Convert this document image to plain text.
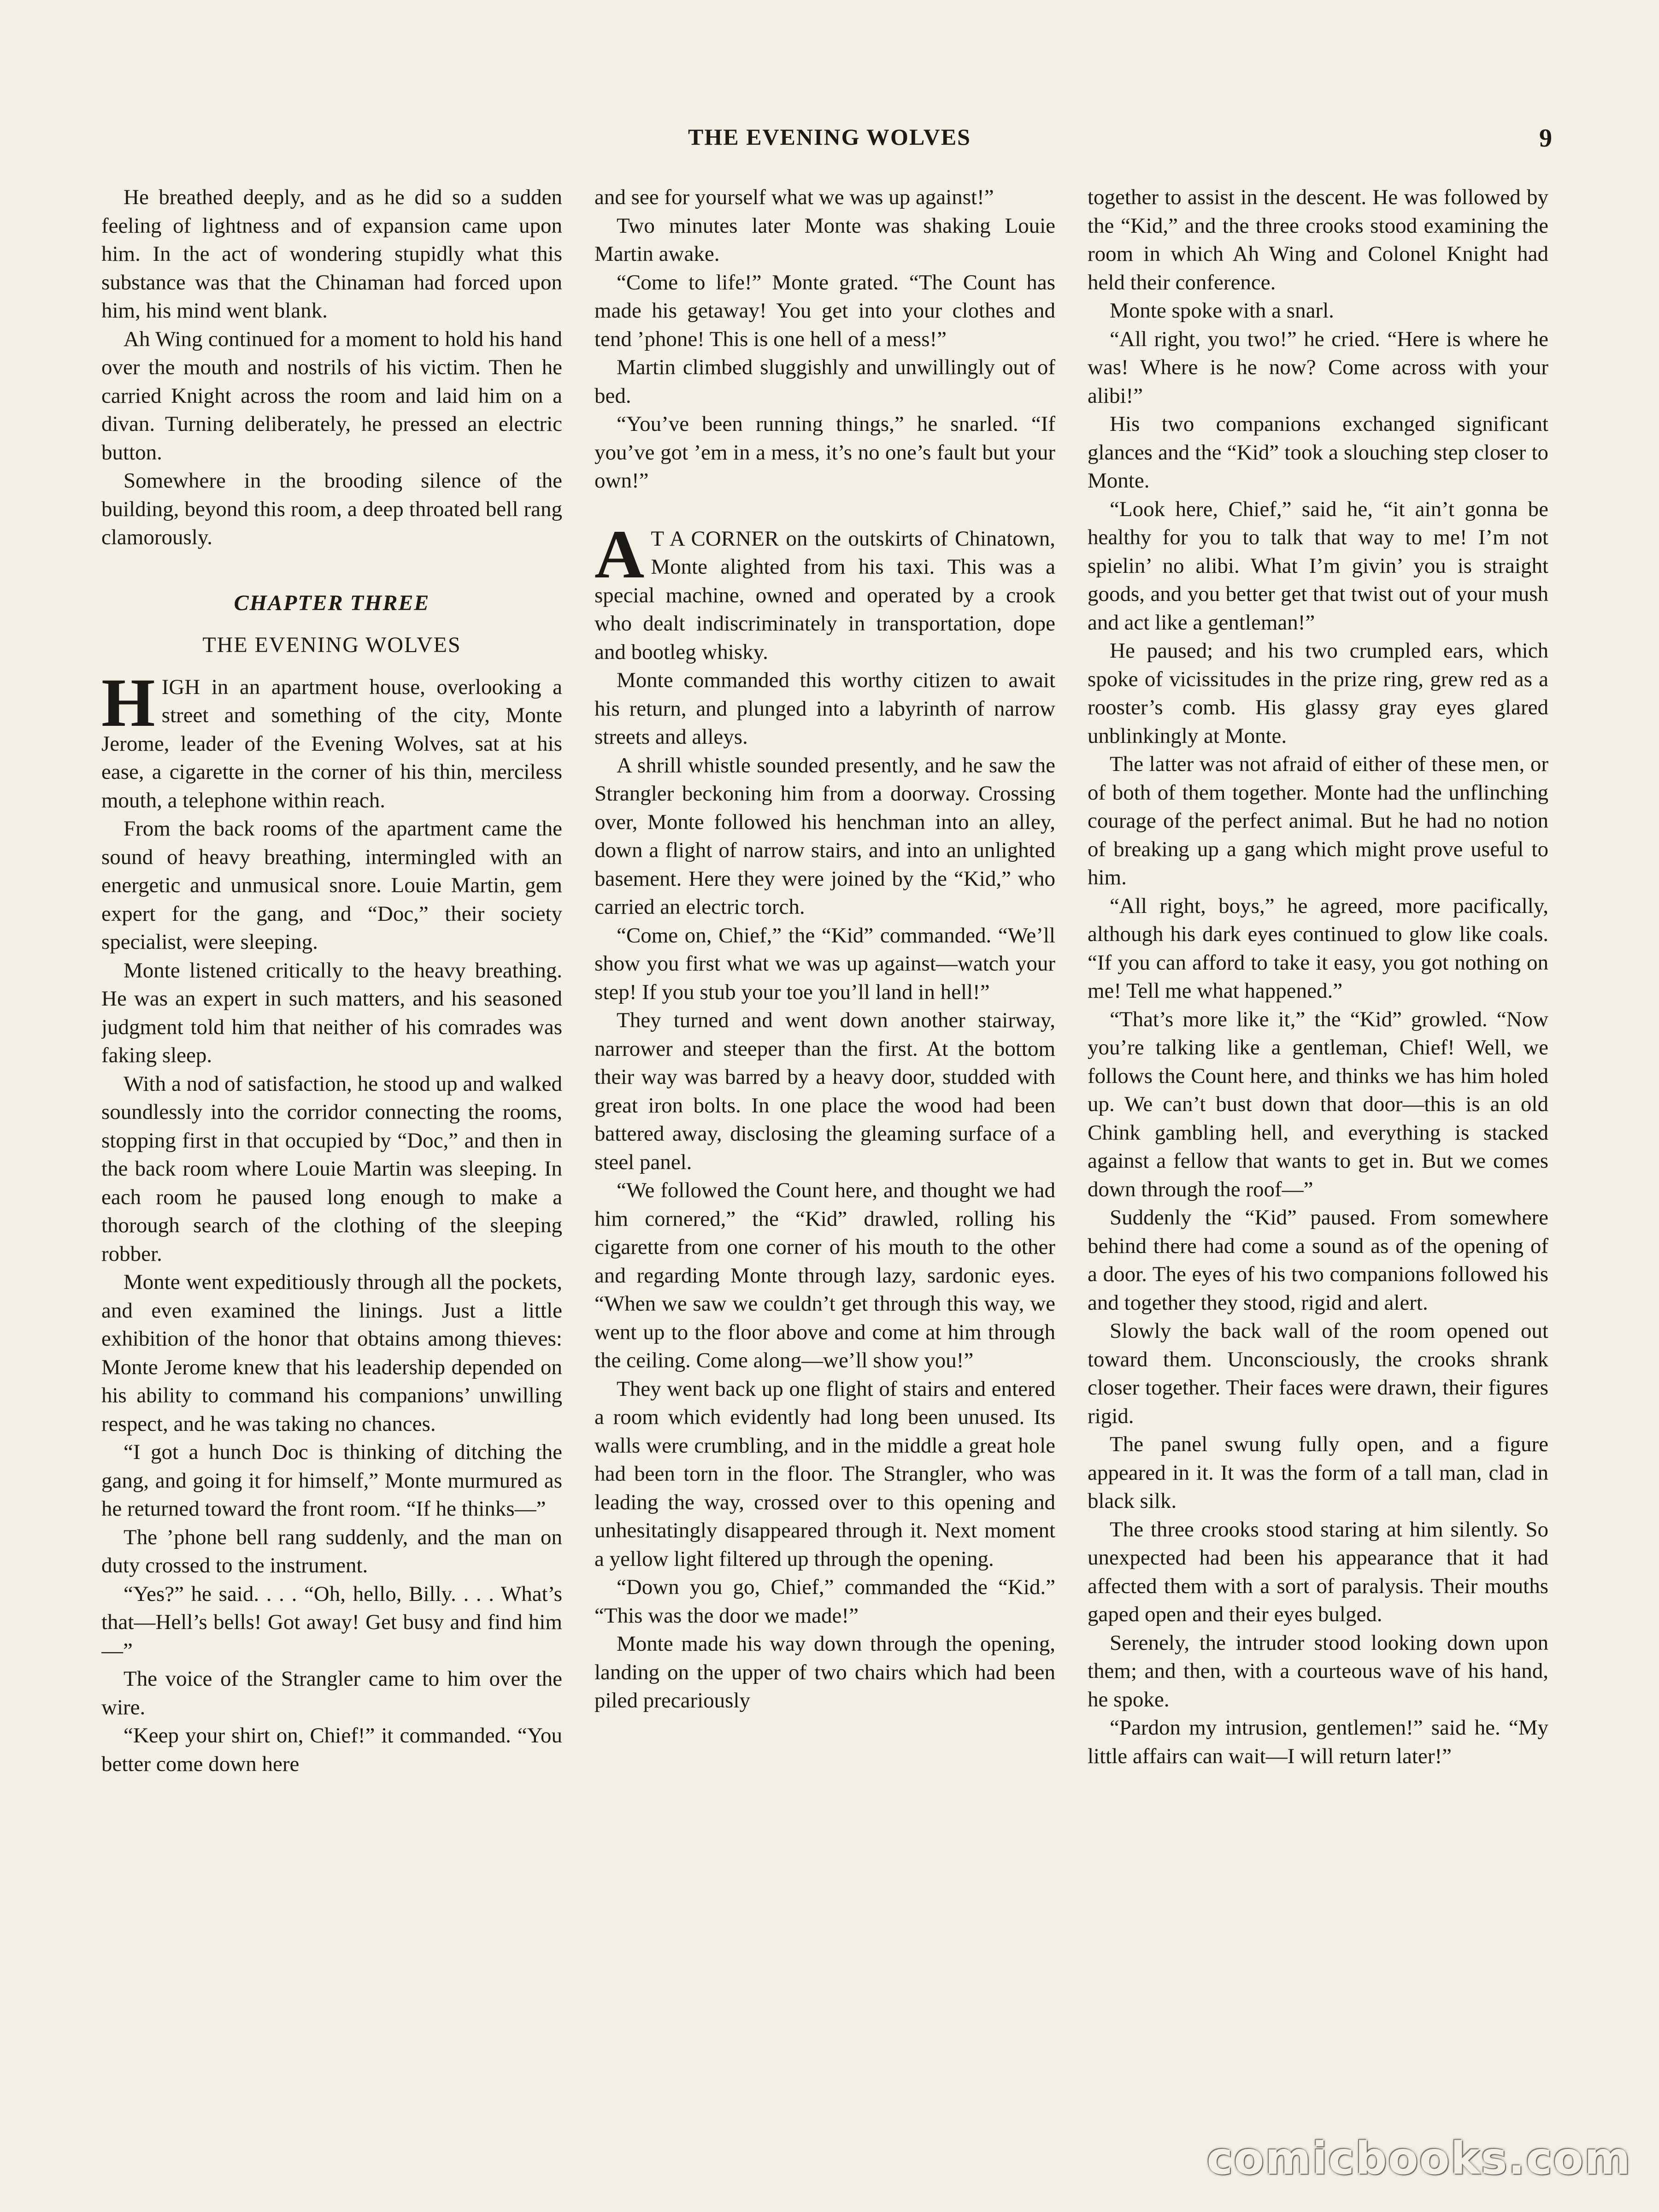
THE EVENING WOLVES	9

He breathed deeply, and as he did so a sudden feeling of lightness and of expansion came upon him. In the act of wondering stupidly what this substance was that the Chinaman had forced upon him, his mind went blank.

Ah Wing continued for a moment to hold his hand over the mouth and nostrils of his victim. Then he carried Knight across the room and laid him on a divan. Turning deliberately, he pressed an electric button.

Somewhere in the brooding silence of the building, beyond this room, a deep throated bell rang clamorously.

CHAPTER THREE
THE EVENING WOLVES

HIGH in an apartment house, overlooking a street and something of the city, Monte Jerome, leader of the Evening Wolves, sat at his ease, a cigarette in the corner of his thin, merciless mouth, a telephone within reach.

From the back rooms of the apartment came the sound of heavy breathing, intermingled with an energetic and unmusical snore. Louie Martin, gem expert for the gang, and “Doc,” their society specialist, were sleeping.

Monte listened critically to the heavy breathing. He was an expert in such matters, and his seasoned judgment told him that neither of his comrades was faking sleep.

With a nod of satisfaction, he stood up and walked soundlessly into the corridor connecting the rooms, stopping first in that occupied by “Doc,” and then in the back room where Louie Martin was sleeping. In each room he paused long enough to make a thorough search of the clothing of the sleeping robber.

Monte went expeditiously through all the pockets, and even examined the linings. Just a little exhibition of the honor that obtains among thieves: Monte Jerome knew that his leadership depended on his ability to command his companions’ unwilling respect, and he was taking no chances.

“I got a hunch Doc is thinking of ditching the gang, and going it for himself,” Monte murmured as he returned toward the front room. “If he thinks—”

The ’phone bell rang suddenly, and the man on duty crossed to the instrument.

“Yes?” he said. . . . “Oh, hello, Billy. . . . What’s that—Hell’s bells! Got away! Get busy and find him—”

The voice of the Strangler came to him over the wire.

“Keep your shirt on, Chief!” it commanded. “You better come down here

and see for yourself what we was up against!”

Two minutes later Monte was shaking Louie Martin awake.

“Come to life!” Monte grated. “The Count has made his getaway! You get into your clothes and tend ’phone! This is one hell of a mess!”

Martin climbed sluggishly and unwillingly out of bed.

“You’ve been running things,” he snarled. “If you’ve got ’em in a mess, it’s no one’s fault but your own!”

A T A CORNER on the outskirts of Chinatown, Monte alighted from his taxi. This was a special machine, owned and operated by a crook who dealt indiscriminately in transportation, dope and bootleg whisky.

Monte commanded this worthy citizen to await his return, and plunged into a labyrinth of narrow streets and alleys.

A shrill whistle sounded presently, and he saw the Strangler beckoning him from a doorway. Crossing over, Monte followed his henchman into an alley, down a flight of narrow stairs, and into an unlighted basement. Here they were joined by the “Kid,” who carried an electric torch.

“Come on, Chief,” the “Kid” commanded. “We’ll show you first what we was up against—watch your step! If you stub your toe you’ll land in hell!”

They turned and went down another stairway, narrower and steeper than the first. At the bottom their way was barred by a heavy door, studded with great iron bolts. In one place the wood had been battered away, disclosing the gleaming surface of a steel panel.

“We followed the Count here, and thought we had him cornered,” the “Kid” drawled, rolling his cigarette from one corner of his mouth to the other and regarding Monte through lazy, sardonic eyes. “When we saw we couldn’t get through this way, we went up to the floor above and come at him through the ceiling. Come along—we’ll show you!”

They went back up one flight of stairs and entered a room which evidently had long been unused. Its walls were crumbling, and in the middle a great hole had been torn in the floor. The Strangler, who was leading the way, crossed over to this opening and unhesitatingly disappeared through it. Next moment a yellow light filtered up through the opening.

“Down you go, Chief,” commanded the “Kid.” “This was the door we made!”

Monte made his way down through the opening, landing on the upper of two chairs which had been piled precariously

together to assist in the descent. He was followed by the “Kid,” and the three crooks stood examining the room in which Ah Wing and Colonel Knight had held their conference.

Monte spoke with a snarl.

“All right, you two!” he cried. “Here is where he was! Where is he now? Come across with your alibi!”

His two companions exchanged significant glances and the “Kid” took a slouching step closer to Monte.

“Look here, Chief,” said he, “it ain’t gonna be healthy for you to talk that way to me! I’m not spielin’ no alibi. What I’m givin’ you is straight goods, and you better get that twist out of your mush and act like a gentleman!”

He paused; and his two crumpled ears, which spoke of vicissitudes in the prize ring, grew red as a rooster’s comb. His glassy gray eyes glared unblinkingly at Monte.

The latter was not afraid of either of these men, or of both of them together. Monte had the unflinching courage of the perfect animal. But he had no notion of breaking up a gang which might prove useful to him.

“All right, boys,” he agreed, more pacifically, although his dark eyes continued to glow like coals. “If you can afford to take it easy, you got nothing on me! Tell me what happened.”

“That’s more like it,” the “Kid” growled. “Now you’re talking like a gentleman, Chief! Well, we follows the Count here, and thinks we has him holed up. We can’t bust down that door—this is an old Chink gambling hell, and everything is stacked against a fellow that wants to get in. But we comes down through the roof—”

Suddenly the “Kid” paused. From somewhere behind there had come a sound as of the opening of a door. The eyes of his two companions followed his and together they stood, rigid and alert.

Slowly the back wall of the room opened out toward them. Unconsciously, the crooks shrank closer together. Their faces were drawn, their figures rigid.

The panel swung fully open, and a figure appeared in it. It was the form of a tall man, clad in black silk.

The three crooks stood staring at him silently. So unexpected had been his appearance that it had affected them with a sort of paralysis. Their mouths gaped open and their eyes bulged.

Serenely, the intruder stood looking down upon them; and then, with a courteous wave of his hand, he spoke.

“Pardon my intrusion, gentlemen!” said he. “My little affairs can wait—I will return later!”

comicbooks.com
